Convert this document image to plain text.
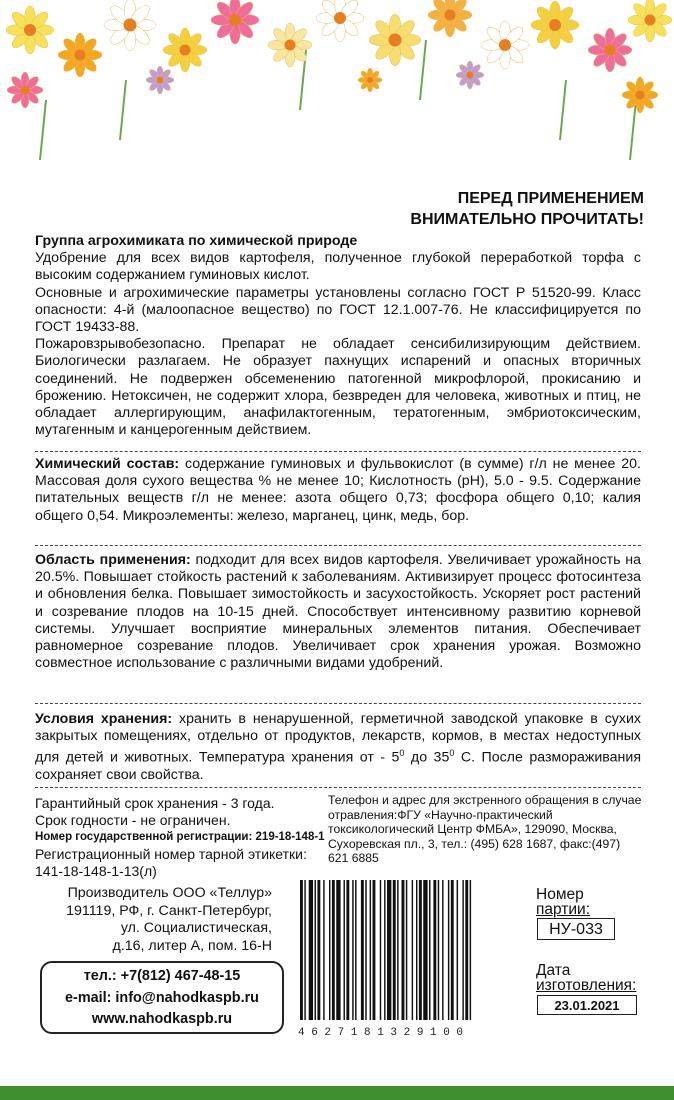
ПЕРЕД ПРИМЕНЕНИЕМ
ВНИМАТЕЛЬНО ПРОЧИТАТЬ!

Группа агрохимиката по химической природе

Удобрение для всех видов картофеля, полученное глубокой переработкой торфа с высоким содержанием гуминовых кислот.

Основные и агрохимические параметры установлены согласно ГОСТ Р 51520-99. Класс опасности: 4-й (малоопасное вещество) по ГОСТ 12.1.007-76. Не классифицируется по ГОСТ 19433-88.

Пожаровзрывобезопасно. Препарат не обладает сенсибилизирующим действием. Биологически разлагаем. Не образует пахнущих испарений и опасных вторичных соединений. Не подвержен обсеменению патогенной микрофлорой, прокисанию и брожению. Нетоксичен, не содержит хлора, безвреден для человека, животных и птиц, не обладает аллергирующим, анафилактогенным, тератогенным, эмбриотоксическим, мутагенным и канцерогенным действием.

Химический состав: содержание гуминовых и фульвокислот (в сумме) г/л не менее 20. Массовая доля сухого вещества % не менее 10; Кислотность (рН), 5.0 - 9.5. Содержание питательных веществ г/л не менее: азота общего 0,73; фосфора общего 0,10; калия общего 0,54. Микроэлементы: железо, марганец, цинк, медь, бор.

Область применения: подходит для всех видов картофеля. Увеличивает урожайность на 20.5%. Повышает стойкость растений к заболеваниям. Активизирует процесс фотосинтеза и обновления белка. Повышает зимостойкость и засухостойкость. Ускоряет рост растений и созревание плодов на 10-15 дней. Способствует интенсивному развитию корневой системы. Улучшает восприятие минеральных элементов питания. Обеспечивает равномерное созревание плодов. Увеличивает срок хранения урожая. Возможно совместное использование с различными видами удобрений.

Условия хранения: хранить в ненарушенной, герметичной заводской упаковке в сухих закрытых помещениях, отдельно от продуктов, лекарств, кормов, в местах недоступных для детей и животных. Температура хранения от - $5^0$ до $35^0$ С. После размораживания сохраняет свои свойства.

Гарантийный срок хранения - 3 года.
Срок годности - не ограничен.
Номер государственной регистрации: 219-18-148-1
Регистрационный номер тарной этикетки:
141-18-148-1-13(л)
Телефон и адрес для экстренного обращения в случае отравления:ФГУ «Научно-практический токсикологический Центр ФМБА», 129090, Москва, Сухоревская пл., 3, тел.: (495) 628 1687, факс:(497) 621 6885
Производитель ООО «Теллур»
191119, РФ, г. Санкт-Петербург,
ул. Социалистическая,
д.16, литер А, пом. 16-Н
тел.: +7(812) 467-48-15
e-mail: info@nahodkaspb.ru
www.nahodkaspb.ru
4 6 2 7 1 8 1 3 2 9 1 0 0
Номер
партии:
НУ-033
Дата
изготовления:
23.01.2021
